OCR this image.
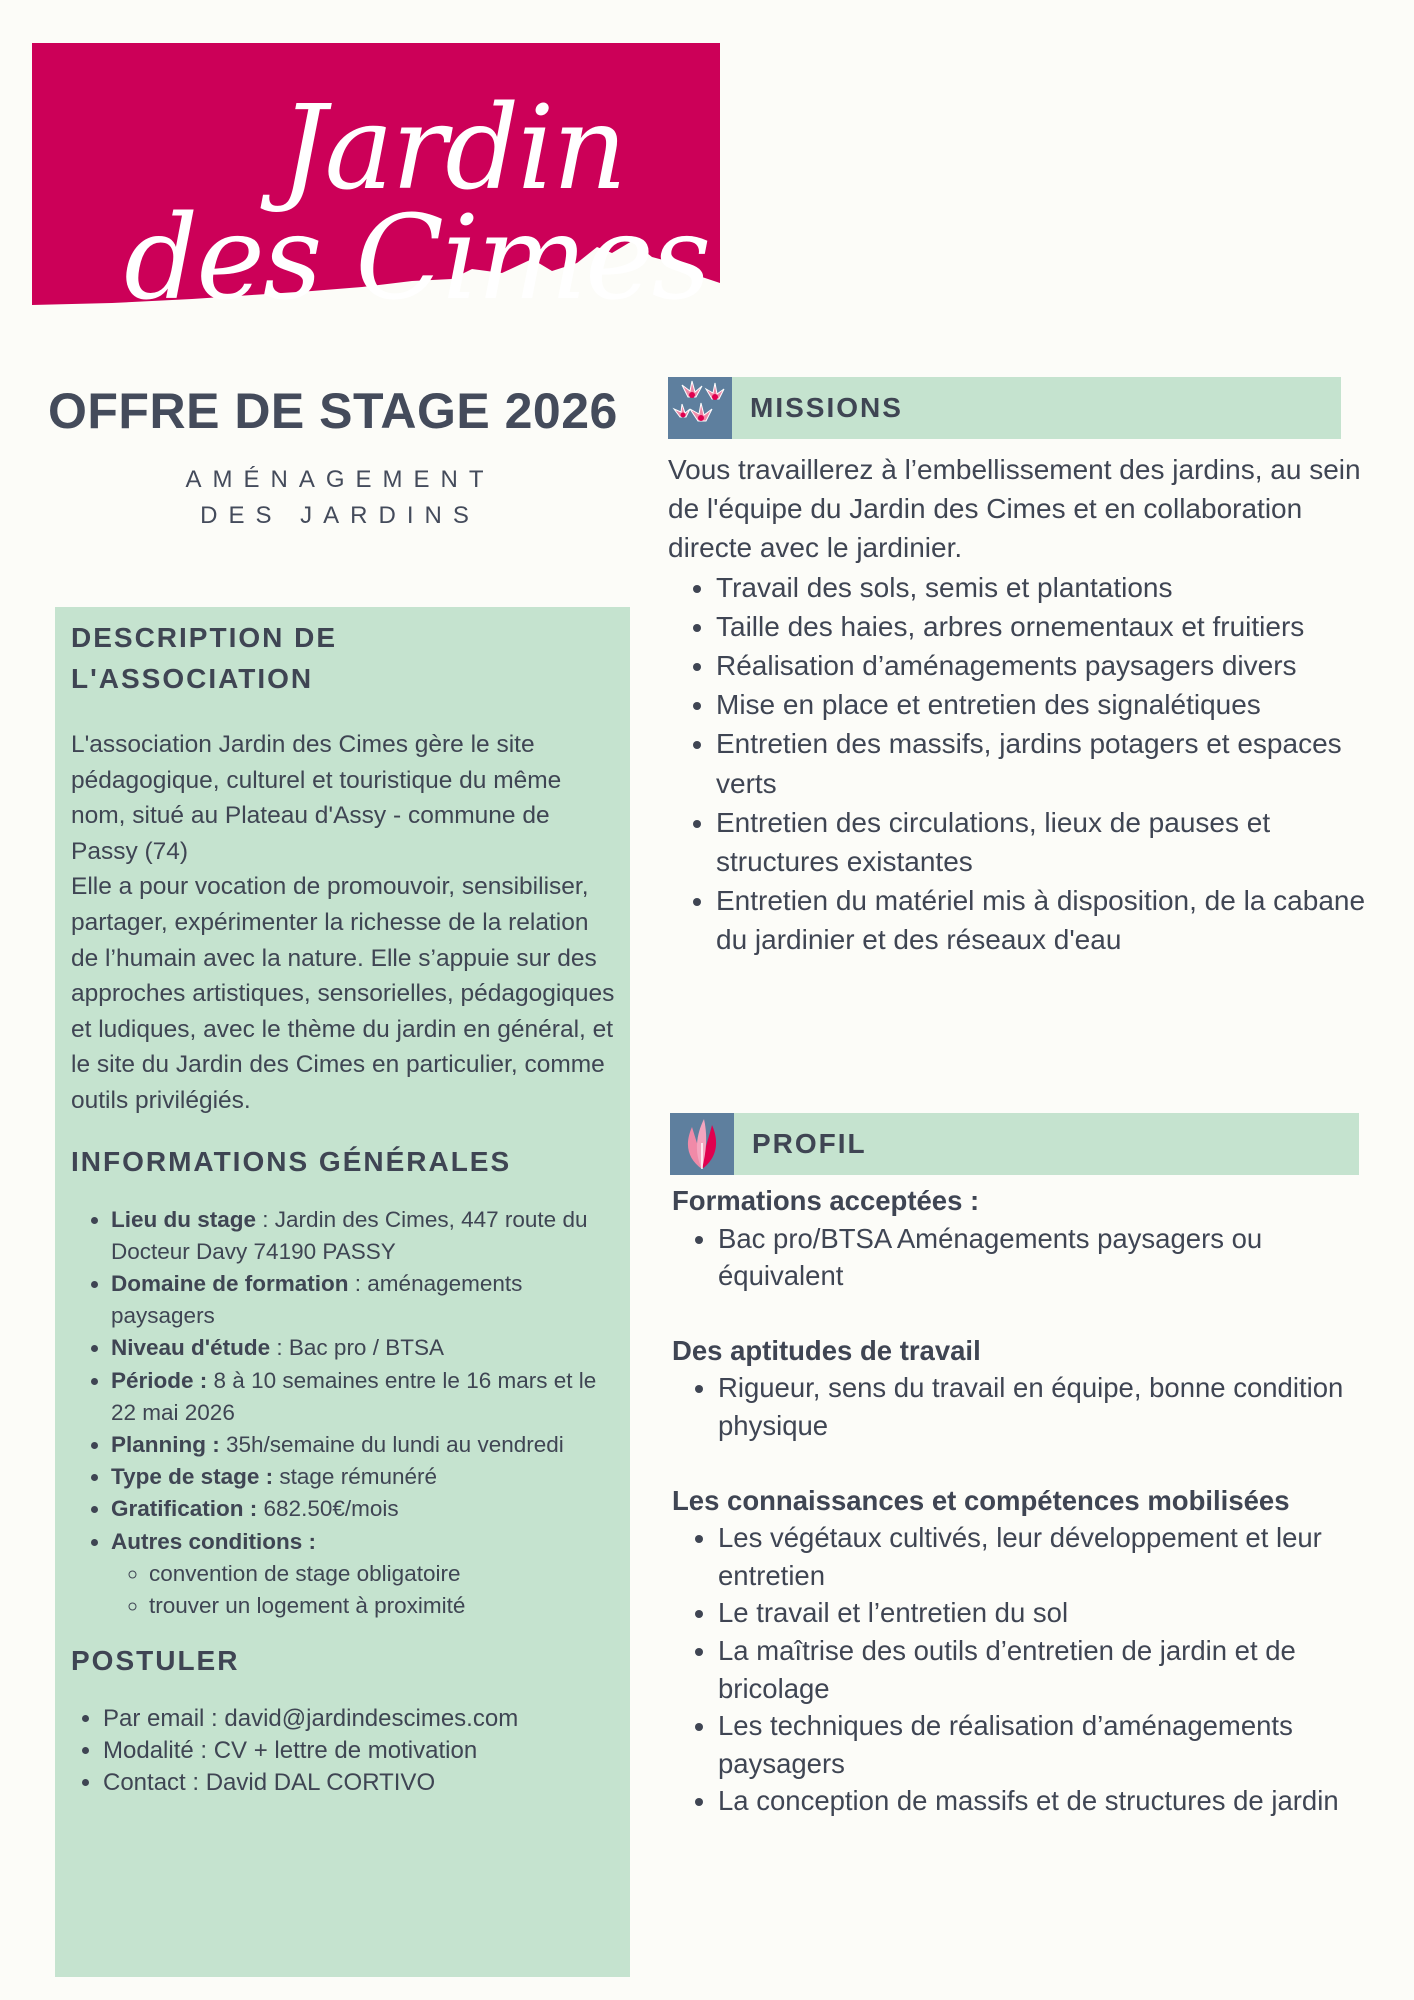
Jardin
des Cimes
OFFRE DE STAGE 2026
AMÉNAGEMENT
DES JARDINS
DESCRIPTION DE
L'ASSOCIATION
L'association Jardin des Cimes gère le site pédagogique, culturel et touristique du même nom, situé au Plateau d'Assy - commune de Passy (74)
Elle a pour vocation de promouvoir, sensibiliser, partager, expérimenter la richesse de la relation de l’humain avec la nature. Elle s’appuie sur des approches artistiques, sensorielles, pédagogiques et ludiques, avec le thème du jardin en général, et le site du Jardin des Cimes en particulier, comme outils privilégiés.
INFORMATIONS GÉNÉRALES
• Lieu du stage : Jardin des Cimes, 447 route du Docteur Davy 74190 PASSY
• Domaine de formation : aménagements paysagers
• Niveau d'étude : Bac pro / BTSA
• Période : 8 à 10 semaines entre le 16 mars et le 22 mai 2026
• Planning : 35h/semaine du lundi au vendredi
• Type de stage : stage rémunéré
• Gratification : 682.50€/mois
• Autres conditions :
◦ convention de stage obligatoire
◦ trouver un logement à proximité
POSTULER
• Par email : david@jardindescimes.com
• Modalité : CV + lettre de motivation
• Contact : David DAL CORTIVO
MISSIONS
Vous travaillerez à l’embellissement des jardins, au sein de l'équipe du Jardin des Cimes et en collaboration directe avec le jardinier.
• Travail des sols, semis et plantations
• Taille des haies, arbres ornementaux et fruitiers
• Réalisation d’aménagements paysagers divers
• Mise en place et entretien des signalétiques
• Entretien des massifs, jardins potagers et espaces verts
• Entretien des circulations, lieux de pauses et structures existantes
• Entretien du matériel mis à disposition, de la cabane du jardinier et des réseaux d'eau
PROFIL
Formations acceptées :
• Bac pro/BTSA Aménagements paysagers ou équivalent
Des aptitudes de travail
• Rigueur, sens du travail en équipe, bonne condition physique
Les connaissances et compétences mobilisées
• Les végétaux cultivés, leur développement et leur entretien
• Le travail et l’entretien du sol
• La maîtrise des outils d’entretien de jardin et de bricolage
• Les techniques de réalisation d’aménagements paysagers
• La conception de massifs et de structures de jardin
